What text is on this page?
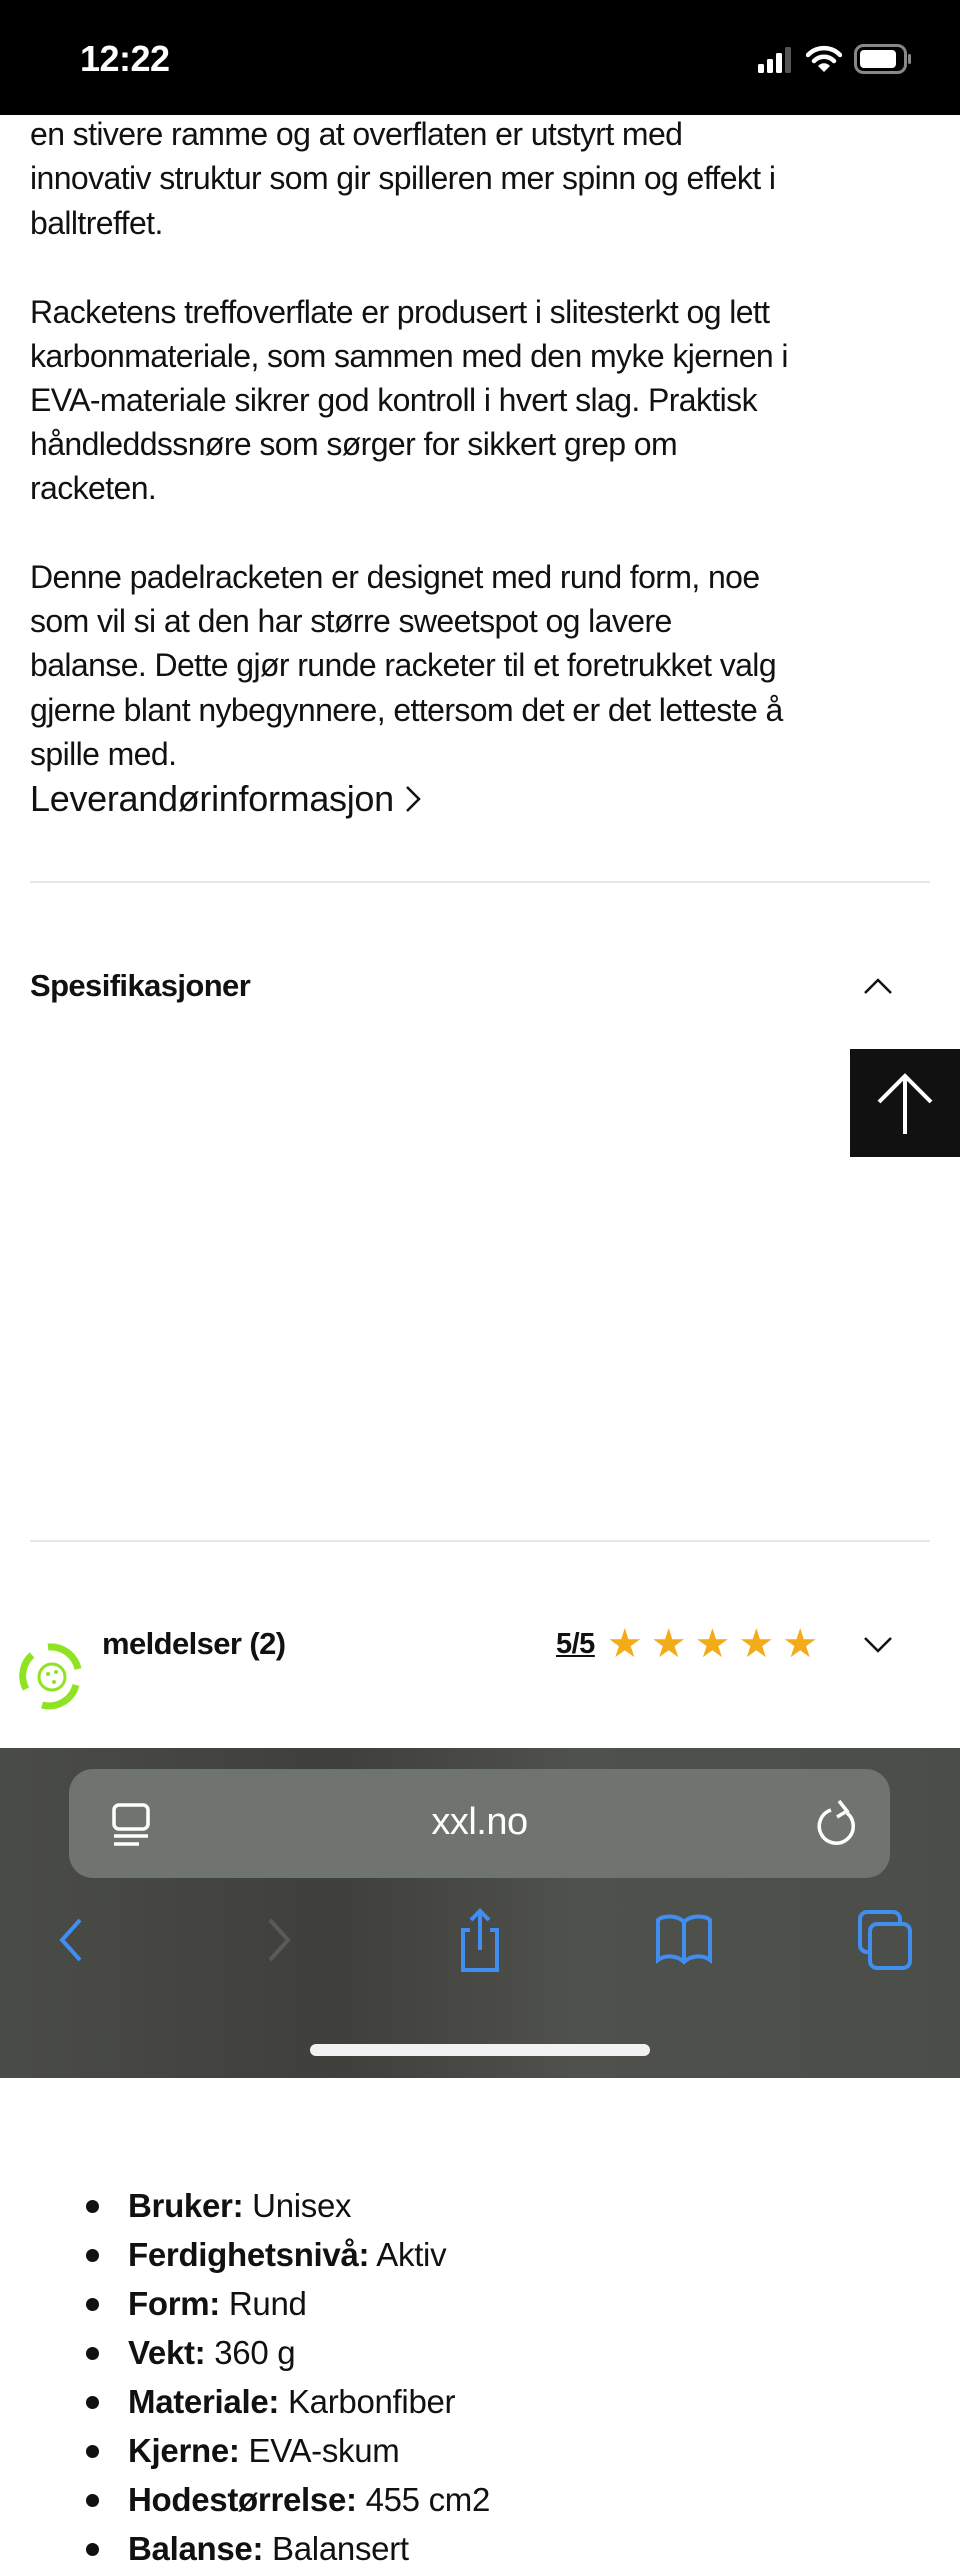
12:22
en stivere ramme og at overflaten er utstyrt med
innovativ struktur som gir spilleren mer spinn og effekt i
balltreffet.
Racketens treffoverflate er produsert i slitesterkt og lett
karbonmateriale, som sammen med den myke kjernen i
EVA-materiale sikrer god kontroll i hvert slag. Praktisk
håndleddssnøre som sørger for sikkert grep om
racketen.
Denne padelracketen er designet med rund form, noe
som vil si at den har større sweetspot og lavere
balanse. Dette gjør runde racketer til et foretrukket valg
gjerne blant nybegynnere, ettersom det er det letteste å
spille med.
Leverandørinformasjon
Spesifikasjoner
Bruker: Unisex
Ferdighetsnivå: Aktiv
Form: Rund
Vekt: 360 g
Materiale: Karbonfiber
Kjerne: EVA-skum
Hodestørrelse: 455 cm2
Balanse: Balansert
meldelser (2)	5/5 ★ ★ ★ ★ ★
xxl.no
